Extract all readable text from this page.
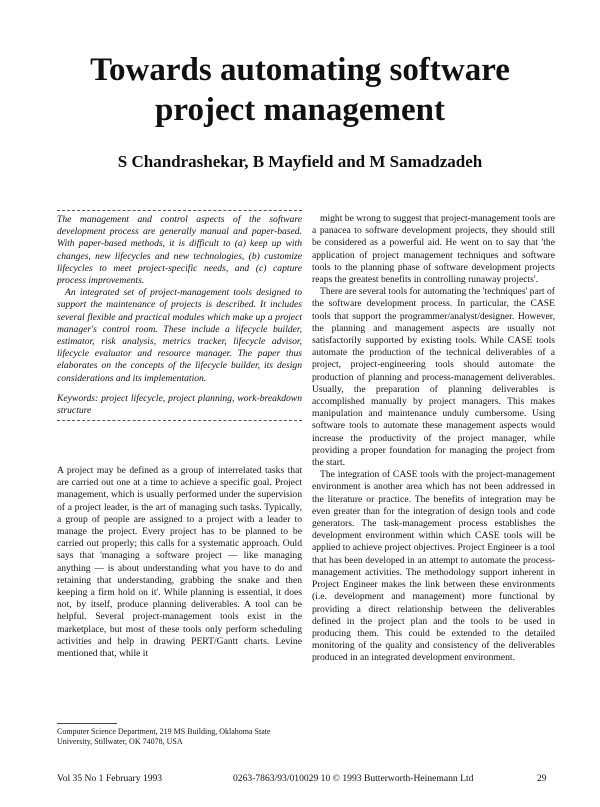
Towards automating software
project management
S Chandrashekar, B Mayfield and M Samadzadeh

The management and control aspects of the software development process are generally manual and paper-based. With paper-based methods, it is difficult to (a) keep up with changes, new lifecycles and new technologies, (b) customize lifecycles to meet project-specific needs, and (c) capture process improvements.

An integrated set of project-management tools designed to support the maintenance of projects is described. It includes several flexible and practical modules which make up a project manager's control room. These include a lifecycle builder, estimator, risk analysis, metrics tracker, lifecycle advisor, lifecycle evaluator and resource manager. The paper thus elaborates on the concepts of the lifecycle builder, its design considerations and its implementation.

Keywords: project lifecycle, project planning, work-breakdown structure

A project may be defined as a group of interrelated tasks that are carried out one at a time to achieve a specific goal. Project management, which is usually performed under the supervision of a project leader, is the art of managing such tasks. Typically, a group of people are assigned to a project with a leader to manage the project. Every project has to be planned to be carried out properly; this calls for a systematic approach. Ould says that 'managing a software project — like managing anything — is about understanding what you have to do and retaining that understanding, grabbing the snake and then keeping a firm hold on it'. While planning is essential, it does not, by itself, produce planning deliverables. A tool can be helpful. Several project-management tools exist in the marketplace, but most of these tools only perform scheduling activities and help in drawing PERT/Gantt charts. Levine mentioned that, while it

Computer Science Department, 219 MS Building, Oklahoma State University, Stillwater, OK 74078, USA

might be wrong to suggest that project-management tools are a panacea to software development projects, they should still be considered as a powerful aid. He went on to say that 'the application of project management techniques and software tools to the planning phase of software development projects reaps the greatest benefits in controlling runaway projects'.

There are several tools for automating the 'techniques' part of the software development process. In particular, the CASE tools that support the programmer/analyst/designer. However, the planning and management aspects are usually not satisfactorily supported by existing tools. While CASE tools automate the production of the technical deliverables of a project, project-engineering tools should automate the production of planning and process-management deliverables. Usually, the preparation of planning deliverables is accomplished manually by project managers. This makes manipulation and maintenance unduly cumbersome. Using software tools to automate these management aspects would increase the productivity of the project manager, while providing a proper foundation for managing the project from the start.

The integration of CASE tools with the project-management environment is another area which has not been addressed in the literature or practice. The benefits of integration may be even greater than for the integration of design tools and code generators. The task-management process establishes the development environment within which CASE tools will be applied to achieve project objectives. Project Engineer is a tool that has been developed in an attempt to automate the process-management activities. The methodology support inherent in Project Engineer makes the link between these environments (i.e. development and management) more functional by providing a direct relationship between the deliverables defined in the project plan and the tools to be used in producing them. This could be extended to the detailed monitoring of the quality and consistency of the deliverables produced in an integrated development environment.

Vol 35 No 1 February 1993	0263-7863/93/010029 10 © 1993 Butterworth-Heinemann Ltd	29
